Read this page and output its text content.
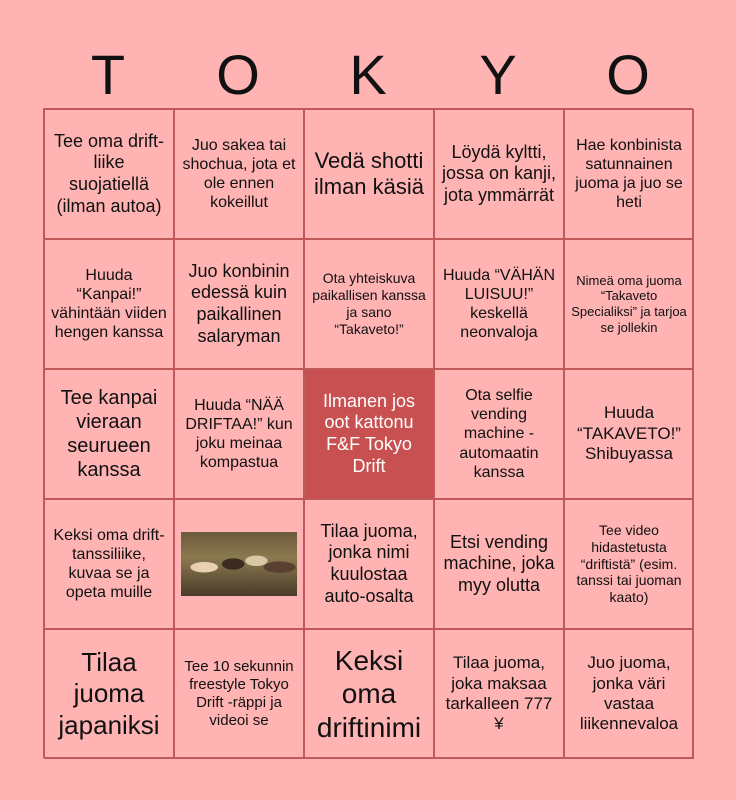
T	O	K	Y	O
Tee oma drift-liike suojatiellä (ilman autoa)
Juo sakea tai shochua, jota et ole ennen kokeillut
Vedä shotti ilman käsiä
Löydä kyltti, jossa on kanji, jota ymmärrät
Hae konbinista satunnainen juoma ja juo se heti
Huuda “Kanpai!” vähintään viiden hengen kanssa
Juo konbinin edessä kuin paikallinen salaryman
Ota yhteiskuva paikallisen kanssa ja sano “Takaveto!”
Huuda “VÄHÄN LUISUU!” keskellä neonvaloja
Nimeä oma juoma “Takaveto Specialiksi” ja tarjoa se jollekin
Tee kanpai vieraan seurueen kanssa
Huuda “NÄÄ DRIFTAA!” kun joku meinaa kompastua
Ilmanen jos oot kattonu F&F Tokyo Drift
Ota selfie vending machine -automaatin kanssa
Huuda “TAKAVETO!” Shibuyassa
Keksi oma drift-tanssiliike, kuvaa se ja opeta muille
Tilaa juoma, jonka nimi kuulostaa auto-osalta
Etsi vending machine, joka myy olutta
Tee video hidastetusta “driftistä” (esim. tanssi tai juoman kaato)
Tilaa juoma japaniksi
Tee 10 sekunnin freestyle Tokyo Drift -räppi ja videoi se
Keksi oma driftinimi
Tilaa juoma, joka maksaa tarkalleen 777 ¥
Juo juoma, jonka väri vastaa liikennevaloa
